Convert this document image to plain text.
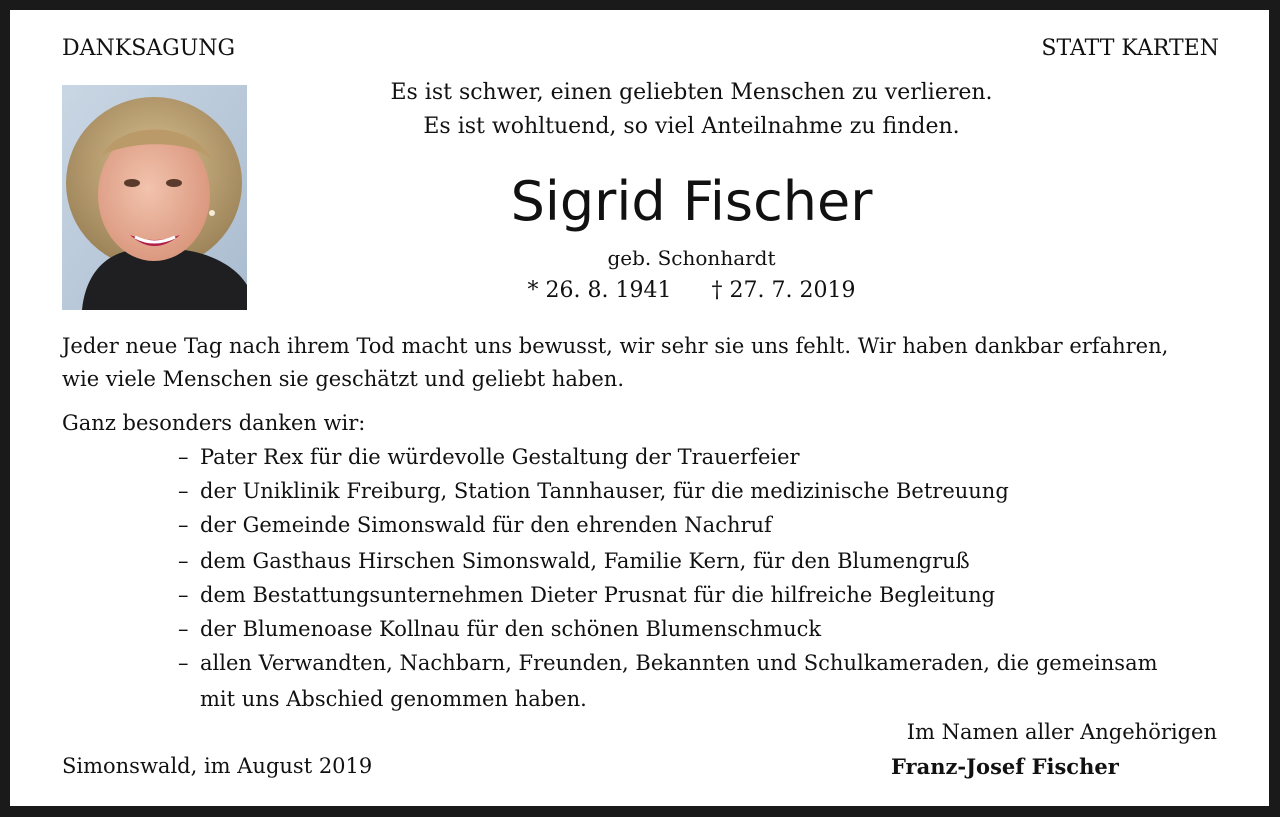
DANKSAGUNG	STATT KARTEN
Es ist schwer, einen geliebten Menschen zu verlieren.
Es ist wohltuend, so viel Anteilnahme zu finden.
Sigrid Fischer
geb. Schonhardt
* 26. 8. 1941 † 27. 7. 2019
Jeder neue Tag nach ihrem Tod macht uns bewusst, wir sehr sie uns fehlt. Wir haben dankbar erfahren,
wie viele Menschen sie geschätzt und geliebt haben.
Ganz besonders danken wir:
– Pater Rex für die würdevolle Gestaltung der Trauerfeier
– der Uniklinik Freiburg, Station Tannhauser, für die medizinische Betreuung
– der Gemeinde Simonswald für den ehrenden Nachruf
– dem Gasthaus Hirschen Simonswald, Familie Kern, für den Blumengruß
– dem Bestattungsunternehmen Dieter Prusnat für die hilfreiche Begleitung
– der Blumenoase Kollnau für den schönen Blumenschmuck
– allen Verwandten, Nachbarn, Freunden, Bekannten und Schulkameraden, die gemeinsam
mit uns Abschied genommen haben.
Im Namen aller Angehörigen
Simonswald, im August 2019	Franz-Josef Fischer
